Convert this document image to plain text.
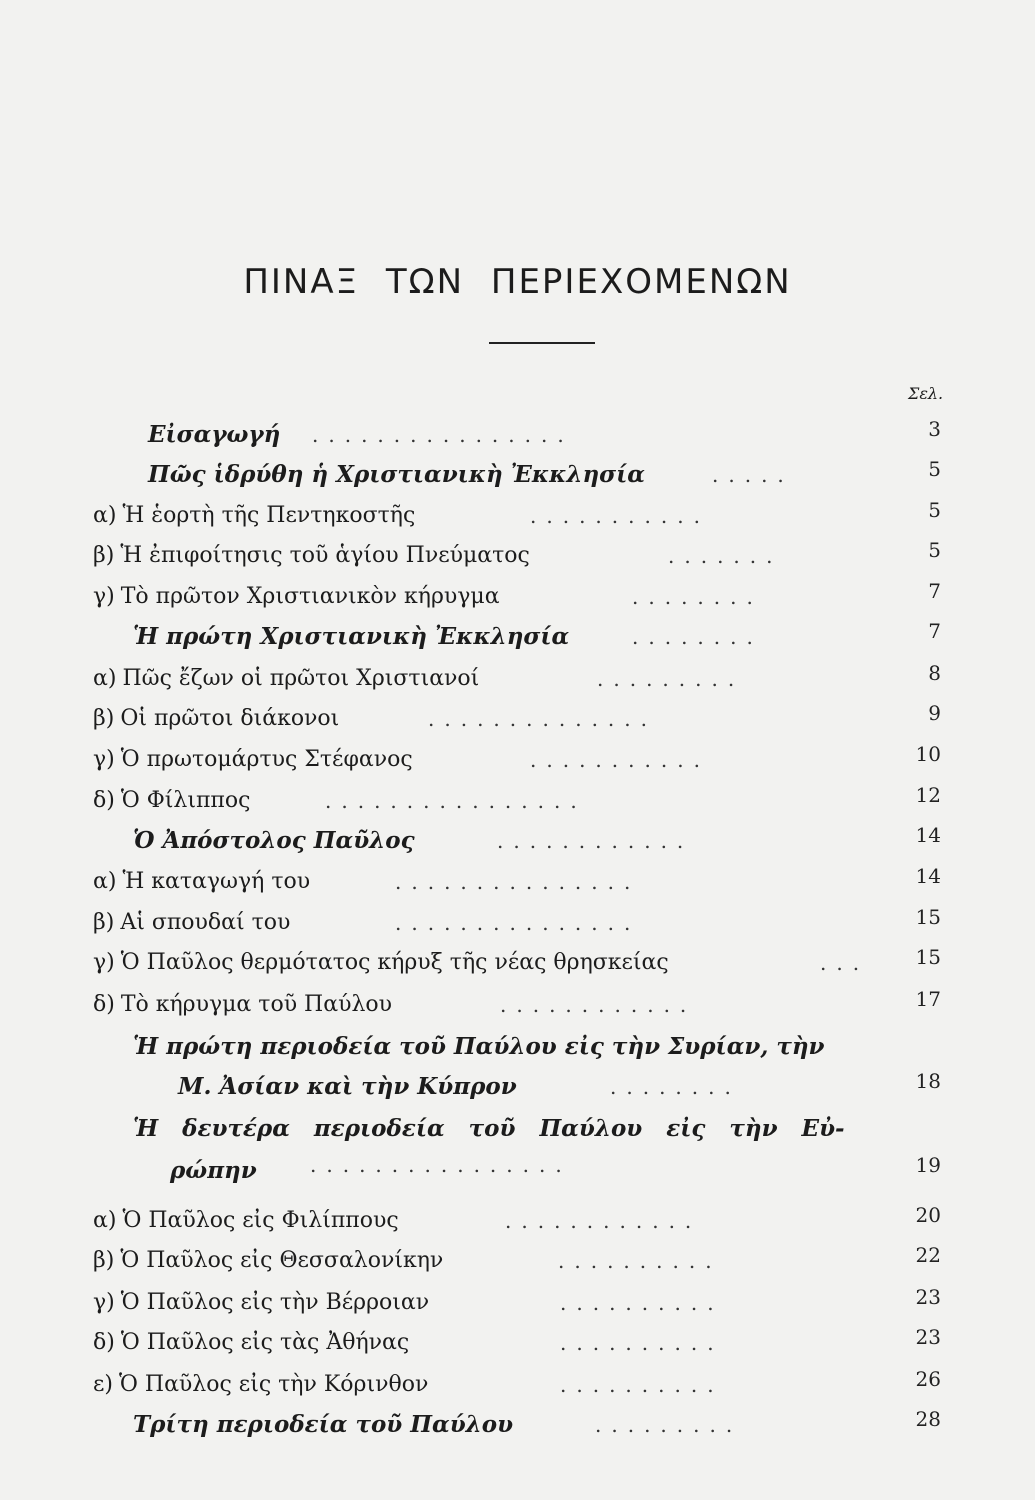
ΠΙΝΑΞ ΤΩΝ ΠΕΡΙΕΧΟΜΕΝΩΝ
Σελ.
Εἰσαγωγή ................	3
Πῶς ἱδρύθη ἡ Χριστιανικὴ Ἐκκλησία	.....	5
α) Ἡ ἑορτὴ τῆς Πεντηκοστῆς	...........	5
β) Ἡ ἐπιφοίτησις τοῦ ἁγίου Πνεύματος	.......	5
γ) Τὸ πρῶτον Χριστιανικὸν κήρυγμα	........	7
Ἡ πρώτη Χριστιανικὴ Ἐκκλησία	........	7
α) Πῶς ἔζων οἱ πρῶτοι Χριστιανοί	.........	8
β) Οἱ πρῶτοι διάκονοι	..............	9
γ) Ὁ πρωτομάρτυς Στέφανος	...........	10
δ) Ὁ Φίλιππος	................	12
Ὁ Ἀπόστολος Παῦλος	............	14
α) Ἡ καταγωγή του	...............	14
β) Αἱ σπουδαί του	...............	15
γ) Ὁ Παῦλος θερμότατος κήρυξ τῆς νέας θρησκείας	... 15
δ) Τὸ κήρυγμα τοῦ Παύλου	............	17
Ἡ πρώτη περιοδεία τοῦ Παύλου εἰς τὴν Συρίαν, τὴν
Μ. Ἀσίαν καὶ τὴν Κύπρον	........	18
Ἡ δευτέρα περιοδεία τοῦ Παύλου εἰς τὴν Εὐ-
ρώπην	................	19
α) Ὁ Παῦλος εἰς Φιλίππους	............	20
β) Ὁ Παῦλος εἰς Θεσσαλονίκην	..........	22
γ) Ὁ Παῦλος εἰς τὴν Βέρροιαν	..........	23
δ) Ὁ Παῦλος εἰς τὰς Ἀθήνας	..........	23
ε) Ὁ Παῦλος εἰς τὴν Κόρινθον	..........	26
Τρίτη περιοδεία τοῦ Παύλου	.........	28
